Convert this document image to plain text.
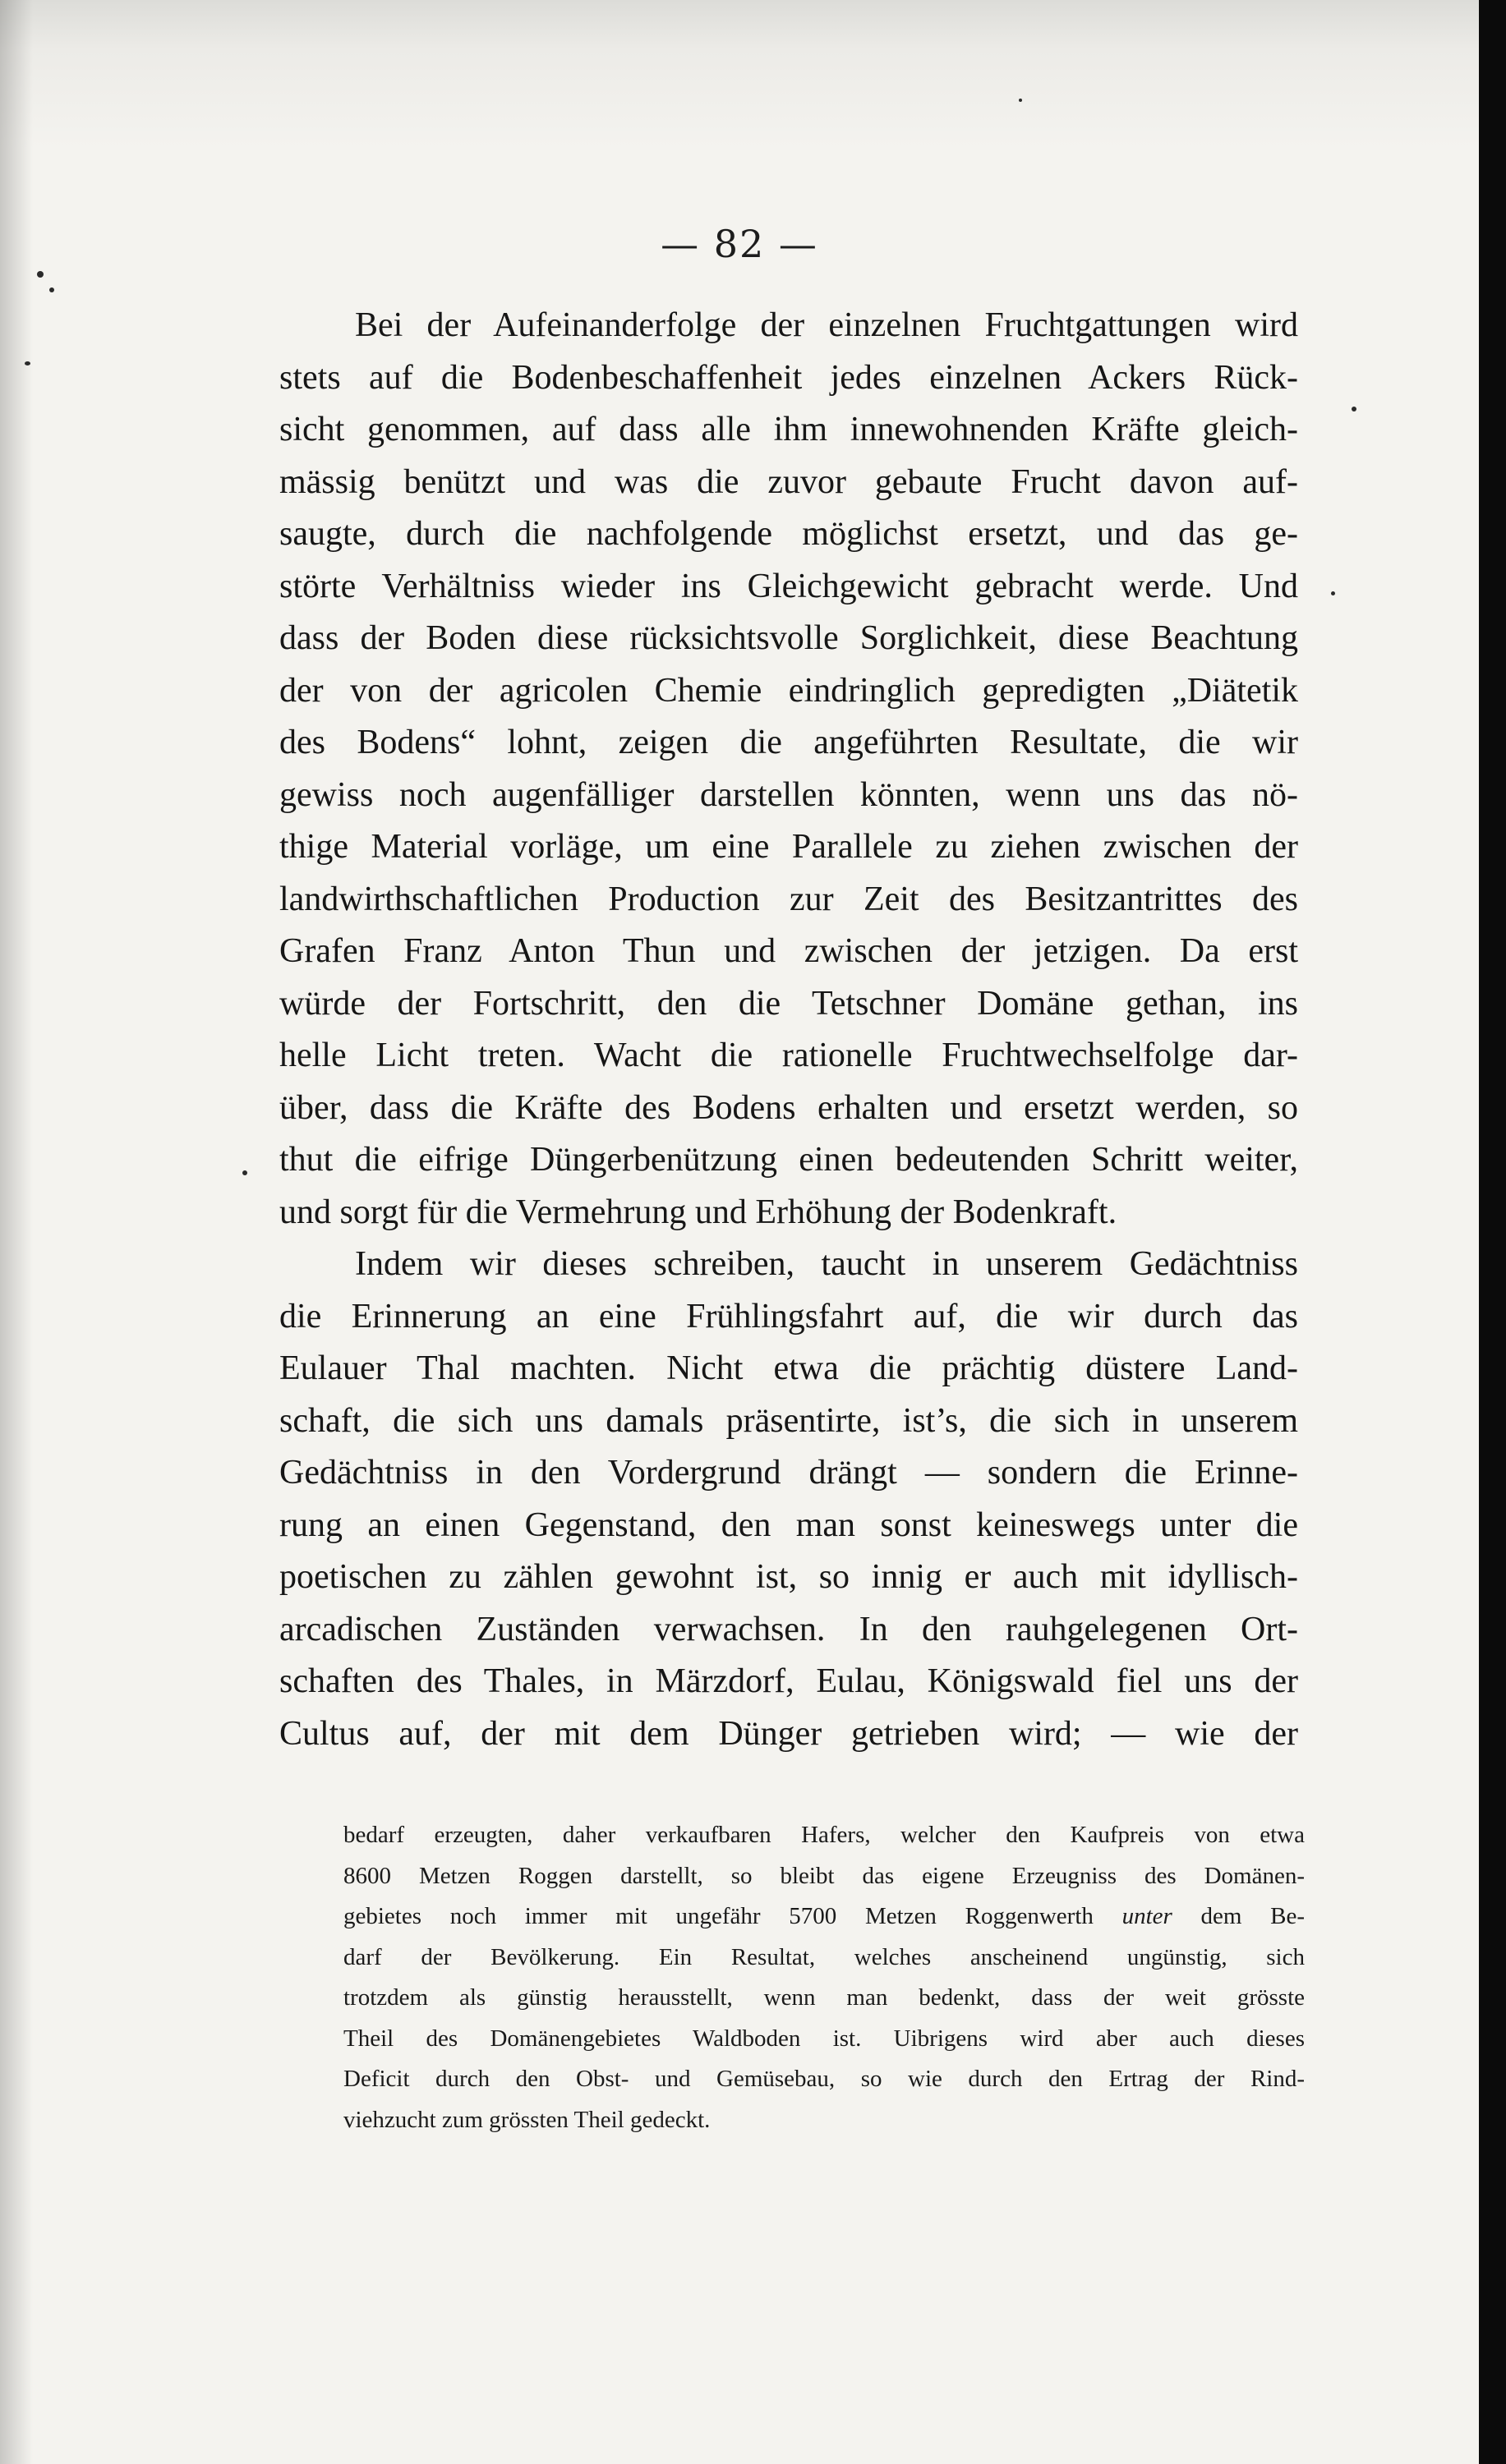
— 82 —

Bei der Aufeinanderfolge der einzelnen Fruchtgattungen wird
stets auf die Bodenbeschaffenheit jedes einzelnen Ackers Rück-
sicht genommen, auf dass alle ihm innewohnenden Kräfte gleich-
mässig benützt und was die zuvor gebaute Frucht davon auf-
saugte, durch die nachfolgende möglichst ersetzt, und das ge-
störte Verhältniss wieder ins Gleichgewicht gebracht werde. Und
dass der Boden diese rücksichtsvolle Sorglichkeit, diese Beachtung
der von der agricolen Chemie eindringlich gepredigten „Diätetik
des Bodens“ lohnt, zeigen die angeführten Resultate, die wir
gewiss noch augenfälliger darstellen könnten, wenn uns das nö-
thige Material vorläge, um eine Parallele zu ziehen zwischen der
landwirthschaftlichen Production zur Zeit des Besitzantrittes des
Grafen Franz Anton Thun und zwischen der jetzigen. Da erst
würde der Fortschritt, den die Tetschner Domäne gethan, ins
helle Licht treten. Wacht die rationelle Fruchtwechselfolge dar-
über, dass die Kräfte des Bodens erhalten und ersetzt werden, so
thut die eifrige Düngerbenützung einen bedeutenden Schritt weiter,
und sorgt für die Vermehrung und Erhöhung der Bodenkraft.

Indem wir dieses schreiben, taucht in unserem Gedächtniss
die Erinnerung an eine Frühlingsfahrt auf, die wir durch das
Eulauer Thal machten. Nicht etwa die prächtig düstere Land-
schaft, die sich uns damals präsentirte, ist’s, die sich in unserem
Gedächtniss in den Vordergrund drängt — sondern die Erinne-
rung an einen Gegenstand, den man sonst keineswegs unter die
poetischen zu zählen gewohnt ist, so innig er auch mit idyllisch-
arcadischen Zuständen verwachsen. In den rauhgelegenen Ort-
schaften des Thales, in Märzdorf, Eulau, Königswald fiel uns der
Cultus auf, der mit dem Dünger getrieben wird; — wie der

bedarf erzeugten, daher verkaufbaren Hafers, welcher den Kaufpreis von etwa
8600 Metzen Roggen darstellt, so bleibt das eigene Erzeugniss des Domänen-
gebietes noch immer mit ungefähr 5700 Metzen Roggenwerth unter dem Be-
darf der Bevölkerung. Ein Resultat, welches anscheinend ungünstig, sich
trotzdem als günstig herausstellt, wenn man bedenkt, dass der weit grösste
Theil des Domänengebietes Waldboden ist. Uibrigens wird aber auch dieses
Deficit durch den Obst- und Gemüsebau, so wie durch den Ertrag der Rind-
viehzucht zum grössten Theil gedeckt.
